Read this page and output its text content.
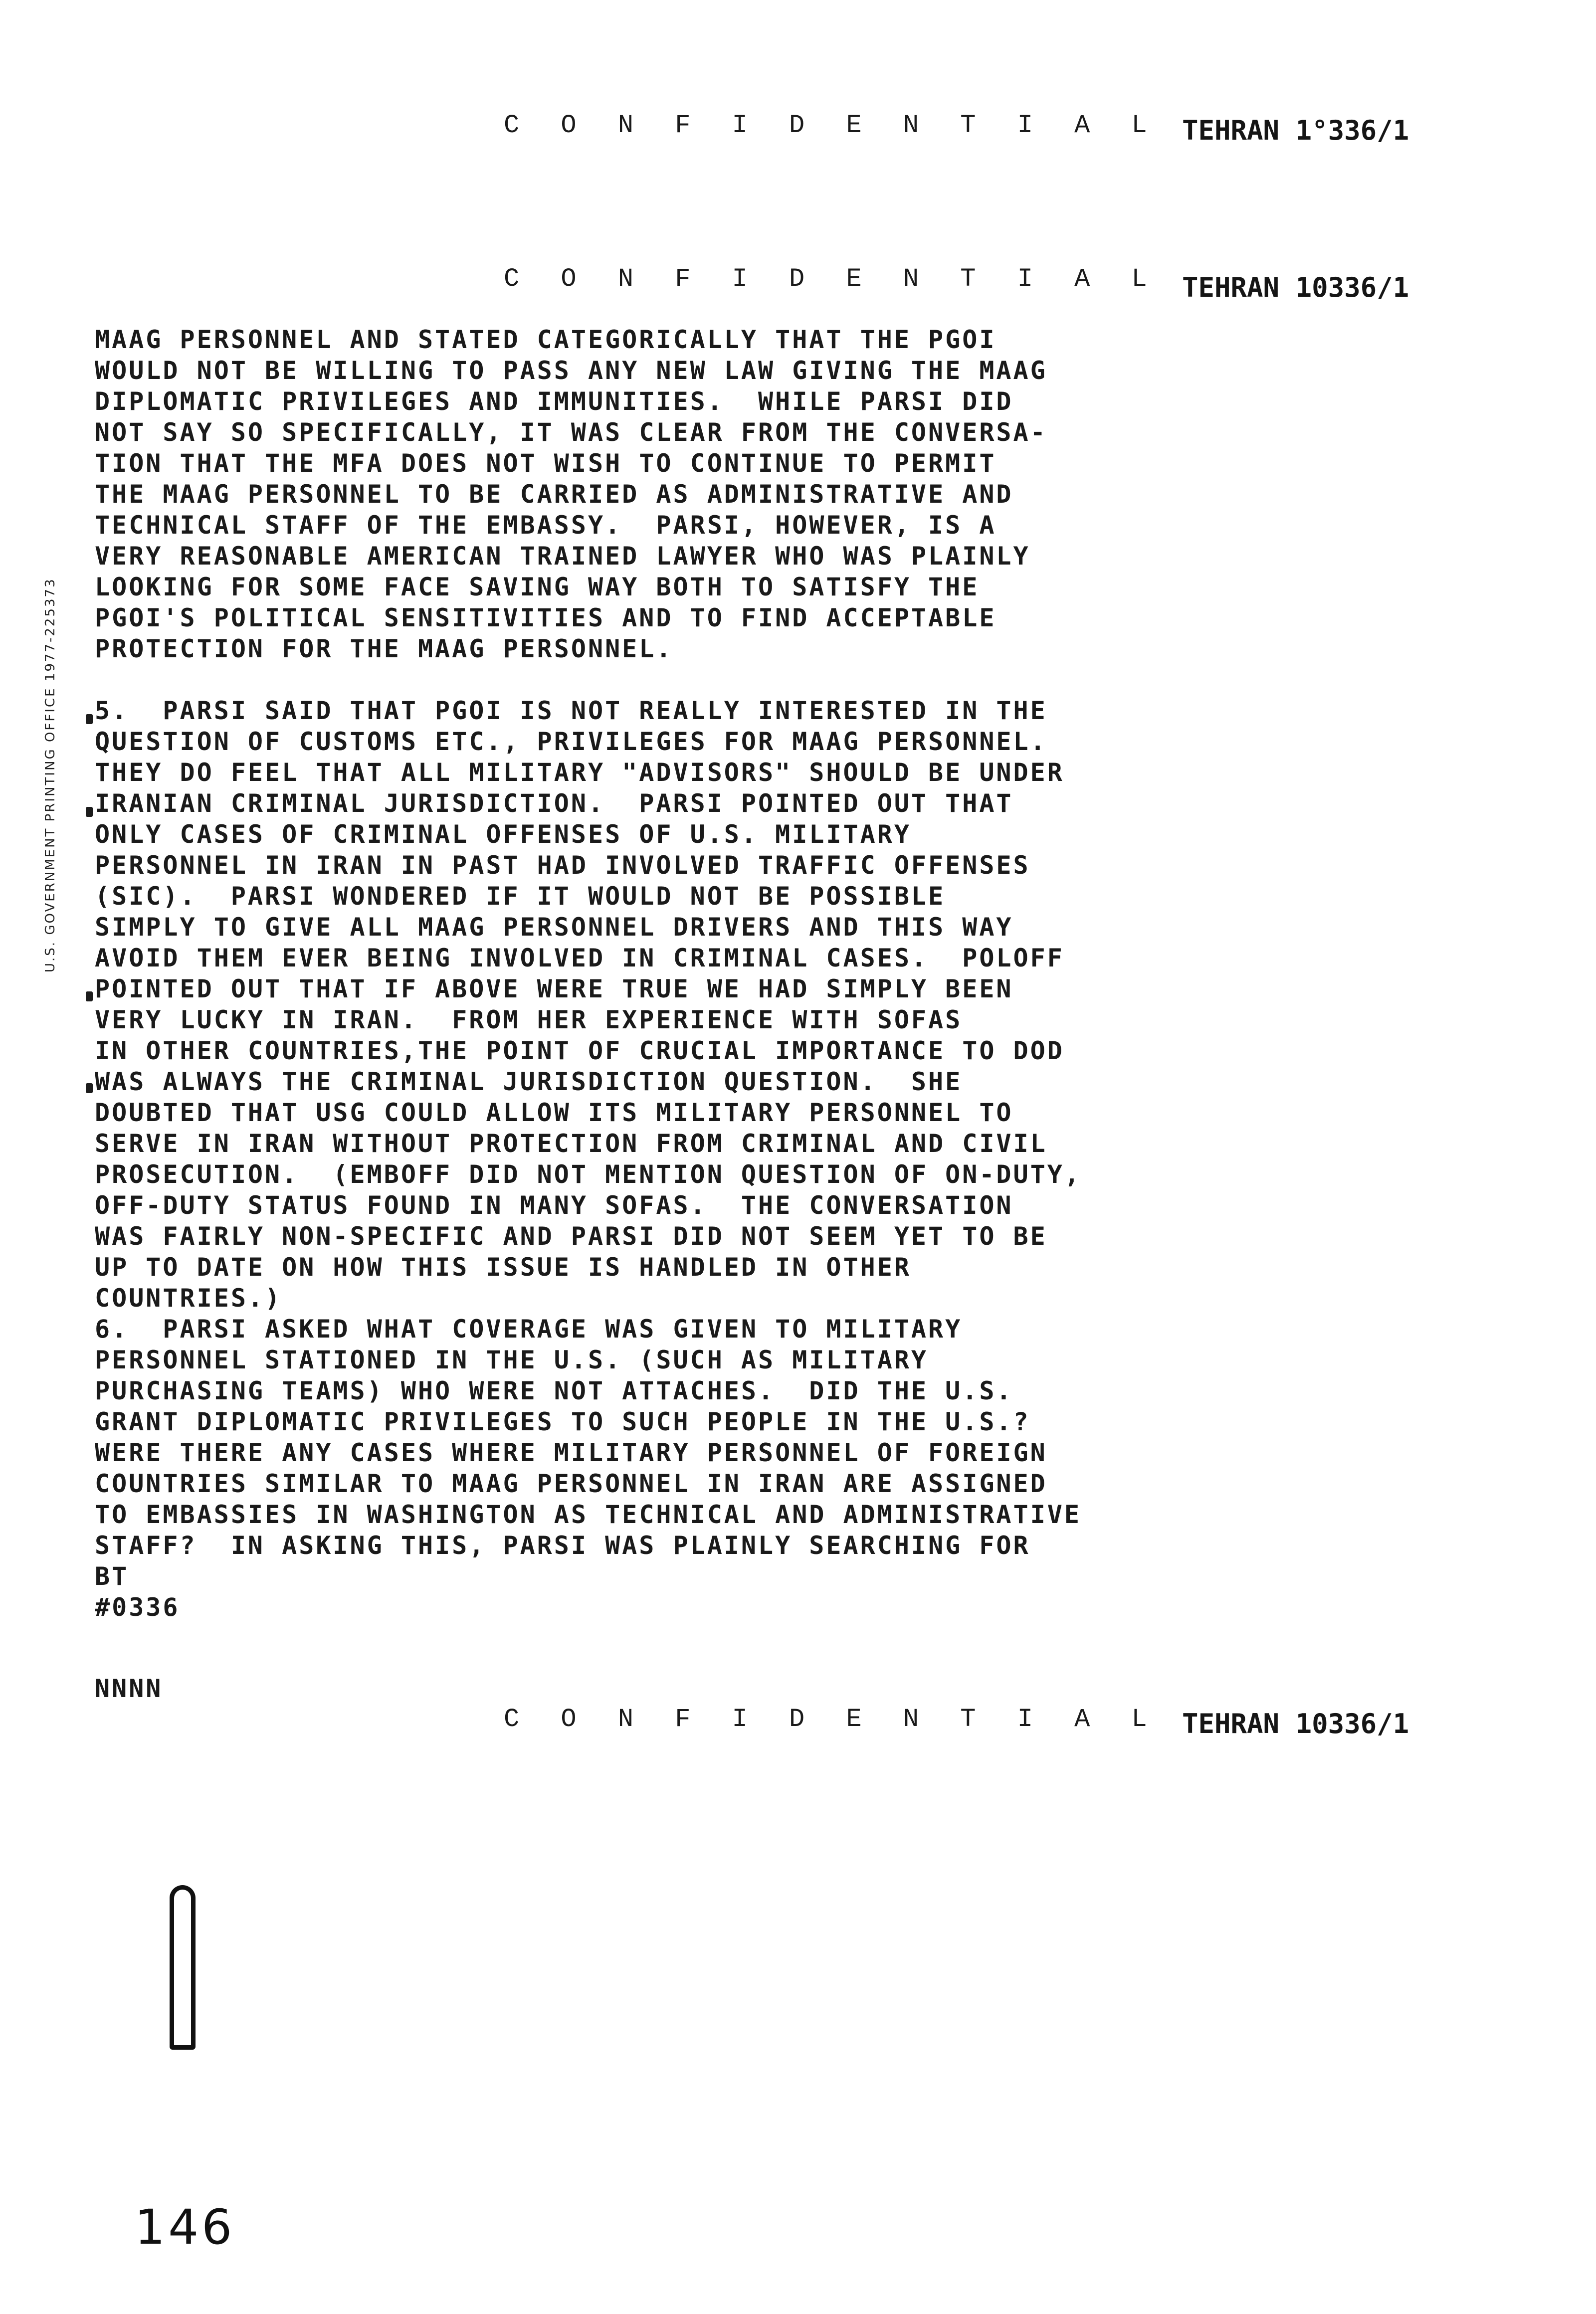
C O N F I D E N T I A L TEHRAN 1°336/1
C O N F I D E N T I A L TEHRAN 10336/1
MAAG PERSONNEL AND STATED CATEGORICALLY THAT THE PGOI
WOULD NOT BE WILLING TO PASS ANY NEW LAW GIVING THE MAAG
DIPLOMATIC PRIVILEGES AND IMMUNITIES.  WHILE PARSI DID
NOT SAY SO SPECIFICALLY, IT WAS CLEAR FROM THE CONVERSA-
TION THAT THE MFA DOES NOT WISH TO CONTINUE TO PERMIT
THE MAAG PERSONNEL TO BE CARRIED AS ADMINISTRATIVE AND
TECHNICAL STAFF OF THE EMBASSY.  PARSI, HOWEVER, IS A
VERY REASONABLE AMERICAN TRAINED LAWYER WHO WAS PLAINLY
LOOKING FOR SOME FACE SAVING WAY BOTH TO SATISFY THE
PGOI'S POLITICAL SENSITIVITIES AND TO FIND ACCEPTABLE
PROTECTION FOR THE MAAG PERSONNEL.
5.  PARSI SAID THAT PGOI IS NOT REALLY INTERESTED IN THE
QUESTION OF CUSTOMS ETC., PRIVILEGES FOR MAAG PERSONNEL.
THEY DO FEEL THAT ALL MILITARY "ADVISORS" SHOULD BE UNDER
IRANIAN CRIMINAL JURISDICTION.  PARSI POINTED OUT THAT
ONLY CASES OF CRIMINAL OFFENSES OF U.S. MILITARY
PERSONNEL IN IRAN IN PAST HAD INVOLVED TRAFFIC OFFENSES
(SIC).  PARSI WONDERED IF IT WOULD NOT BE POSSIBLE
SIMPLY TO GIVE ALL MAAG PERSONNEL DRIVERS AND THIS WAY
AVOID THEM EVER BEING INVOLVED IN CRIMINAL CASES.  POLOFF
POINTED OUT THAT IF ABOVE WERE TRUE WE HAD SIMPLY BEEN
VERY LUCKY IN IRAN.  FROM HER EXPERIENCE WITH SOFAS
IN OTHER COUNTRIES,THE POINT OF CRUCIAL IMPORTANCE TO DOD
WAS ALWAYS THE CRIMINAL JURISDICTION QUESTION.  SHE
DOUBTED THAT USG COULD ALLOW ITS MILITARY PERSONNEL TO
SERVE IN IRAN WITHOUT PROTECTION FROM CRIMINAL AND CIVIL
PROSECUTION.  (EMBOFF DID NOT MENTION QUESTION OF ON-DUTY,
OFF-DUTY STATUS FOUND IN MANY SOFAS.  THE CONVERSATION
WAS FAIRLY NON-SPECIFIC AND PARSI DID NOT SEEM YET TO BE
UP TO DATE ON HOW THIS ISSUE IS HANDLED IN OTHER
COUNTRIES.)
6.  PARSI ASKED WHAT COVERAGE WAS GIVEN TO MILITARY
PERSONNEL STATIONED IN THE U.S. (SUCH AS MILITARY
PURCHASING TEAMS) WHO WERE NOT ATTACHES.  DID THE U.S.
GRANT DIPLOMATIC PRIVILEGES TO SUCH PEOPLE IN THE U.S.?
WERE THERE ANY CASES WHERE MILITARY PERSONNEL OF FOREIGN
COUNTRIES SIMILAR TO MAAG PERSONNEL IN IRAN ARE ASSIGNED
TO EMBASSIES IN WASHINGTON AS TECHNICAL AND ADMINISTRATIVE
STAFF?  IN ASKING THIS, PARSI WAS PLAINLY SEARCHING FOR
BT
#0336
NNNN
U.S. GOVERNMENT PRINTING OFFICE 1977-225373
C O N F I D E N T I A L TEHRAN 10336/1
146
